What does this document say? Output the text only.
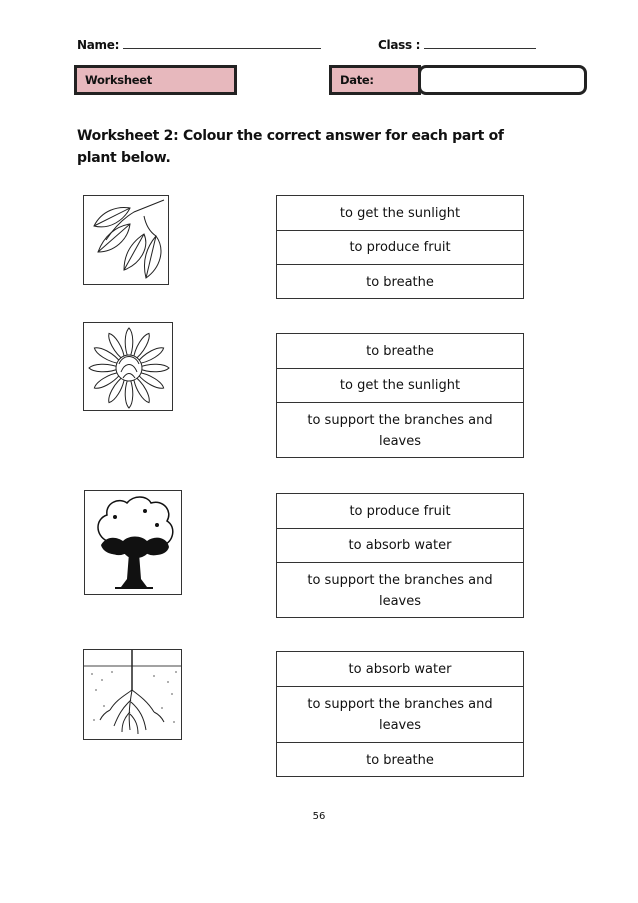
Name:	Class :
Worksheet	Date:
Worksheet 2: Colour the correct answer for each part of plant below.
to get the sunlight
to produce fruit
to breathe
to breathe
to get the sunlight
to support the branches and leaves
to produce fruit
to absorb water
to support the branches and leaves
to absorb water
to support the branches and leaves
to breathe
56
